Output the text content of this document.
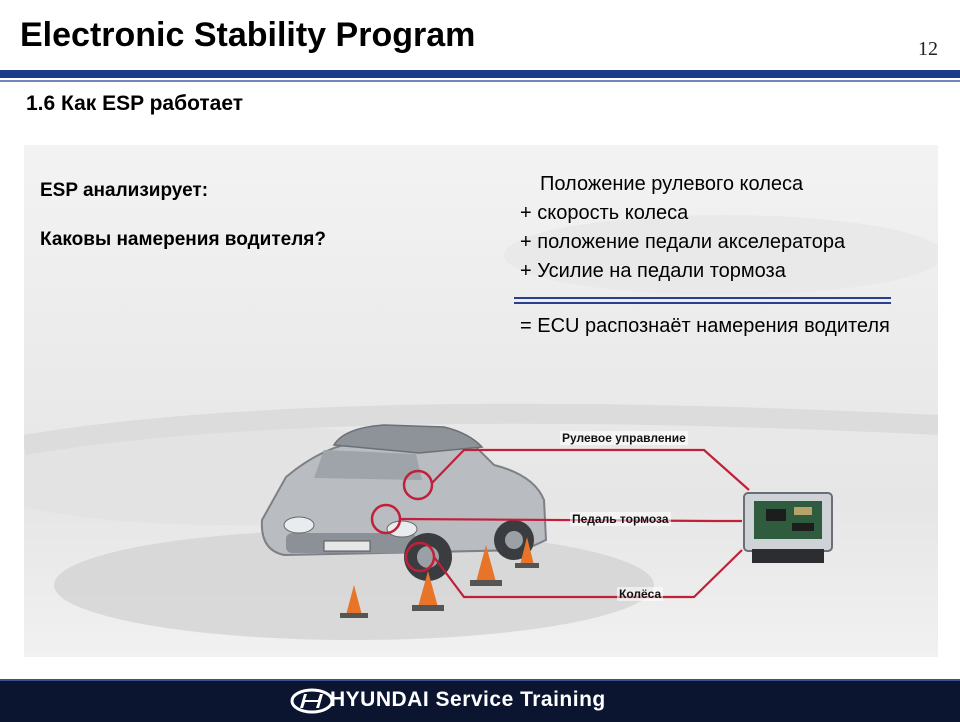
Electronic Stability Program	12
1.6 Как ESP работает

ESP анализирует:

Каковы намерения водителя?

Положение рулевого колеса
+ скорость колеса
+ положение педали акселератора
+ Усилие на педали тормоза

= ECU распознаёт намерения водителя

Рулевое управление
Педаль тормоза
Колёса
HYUNDAI Service Training
